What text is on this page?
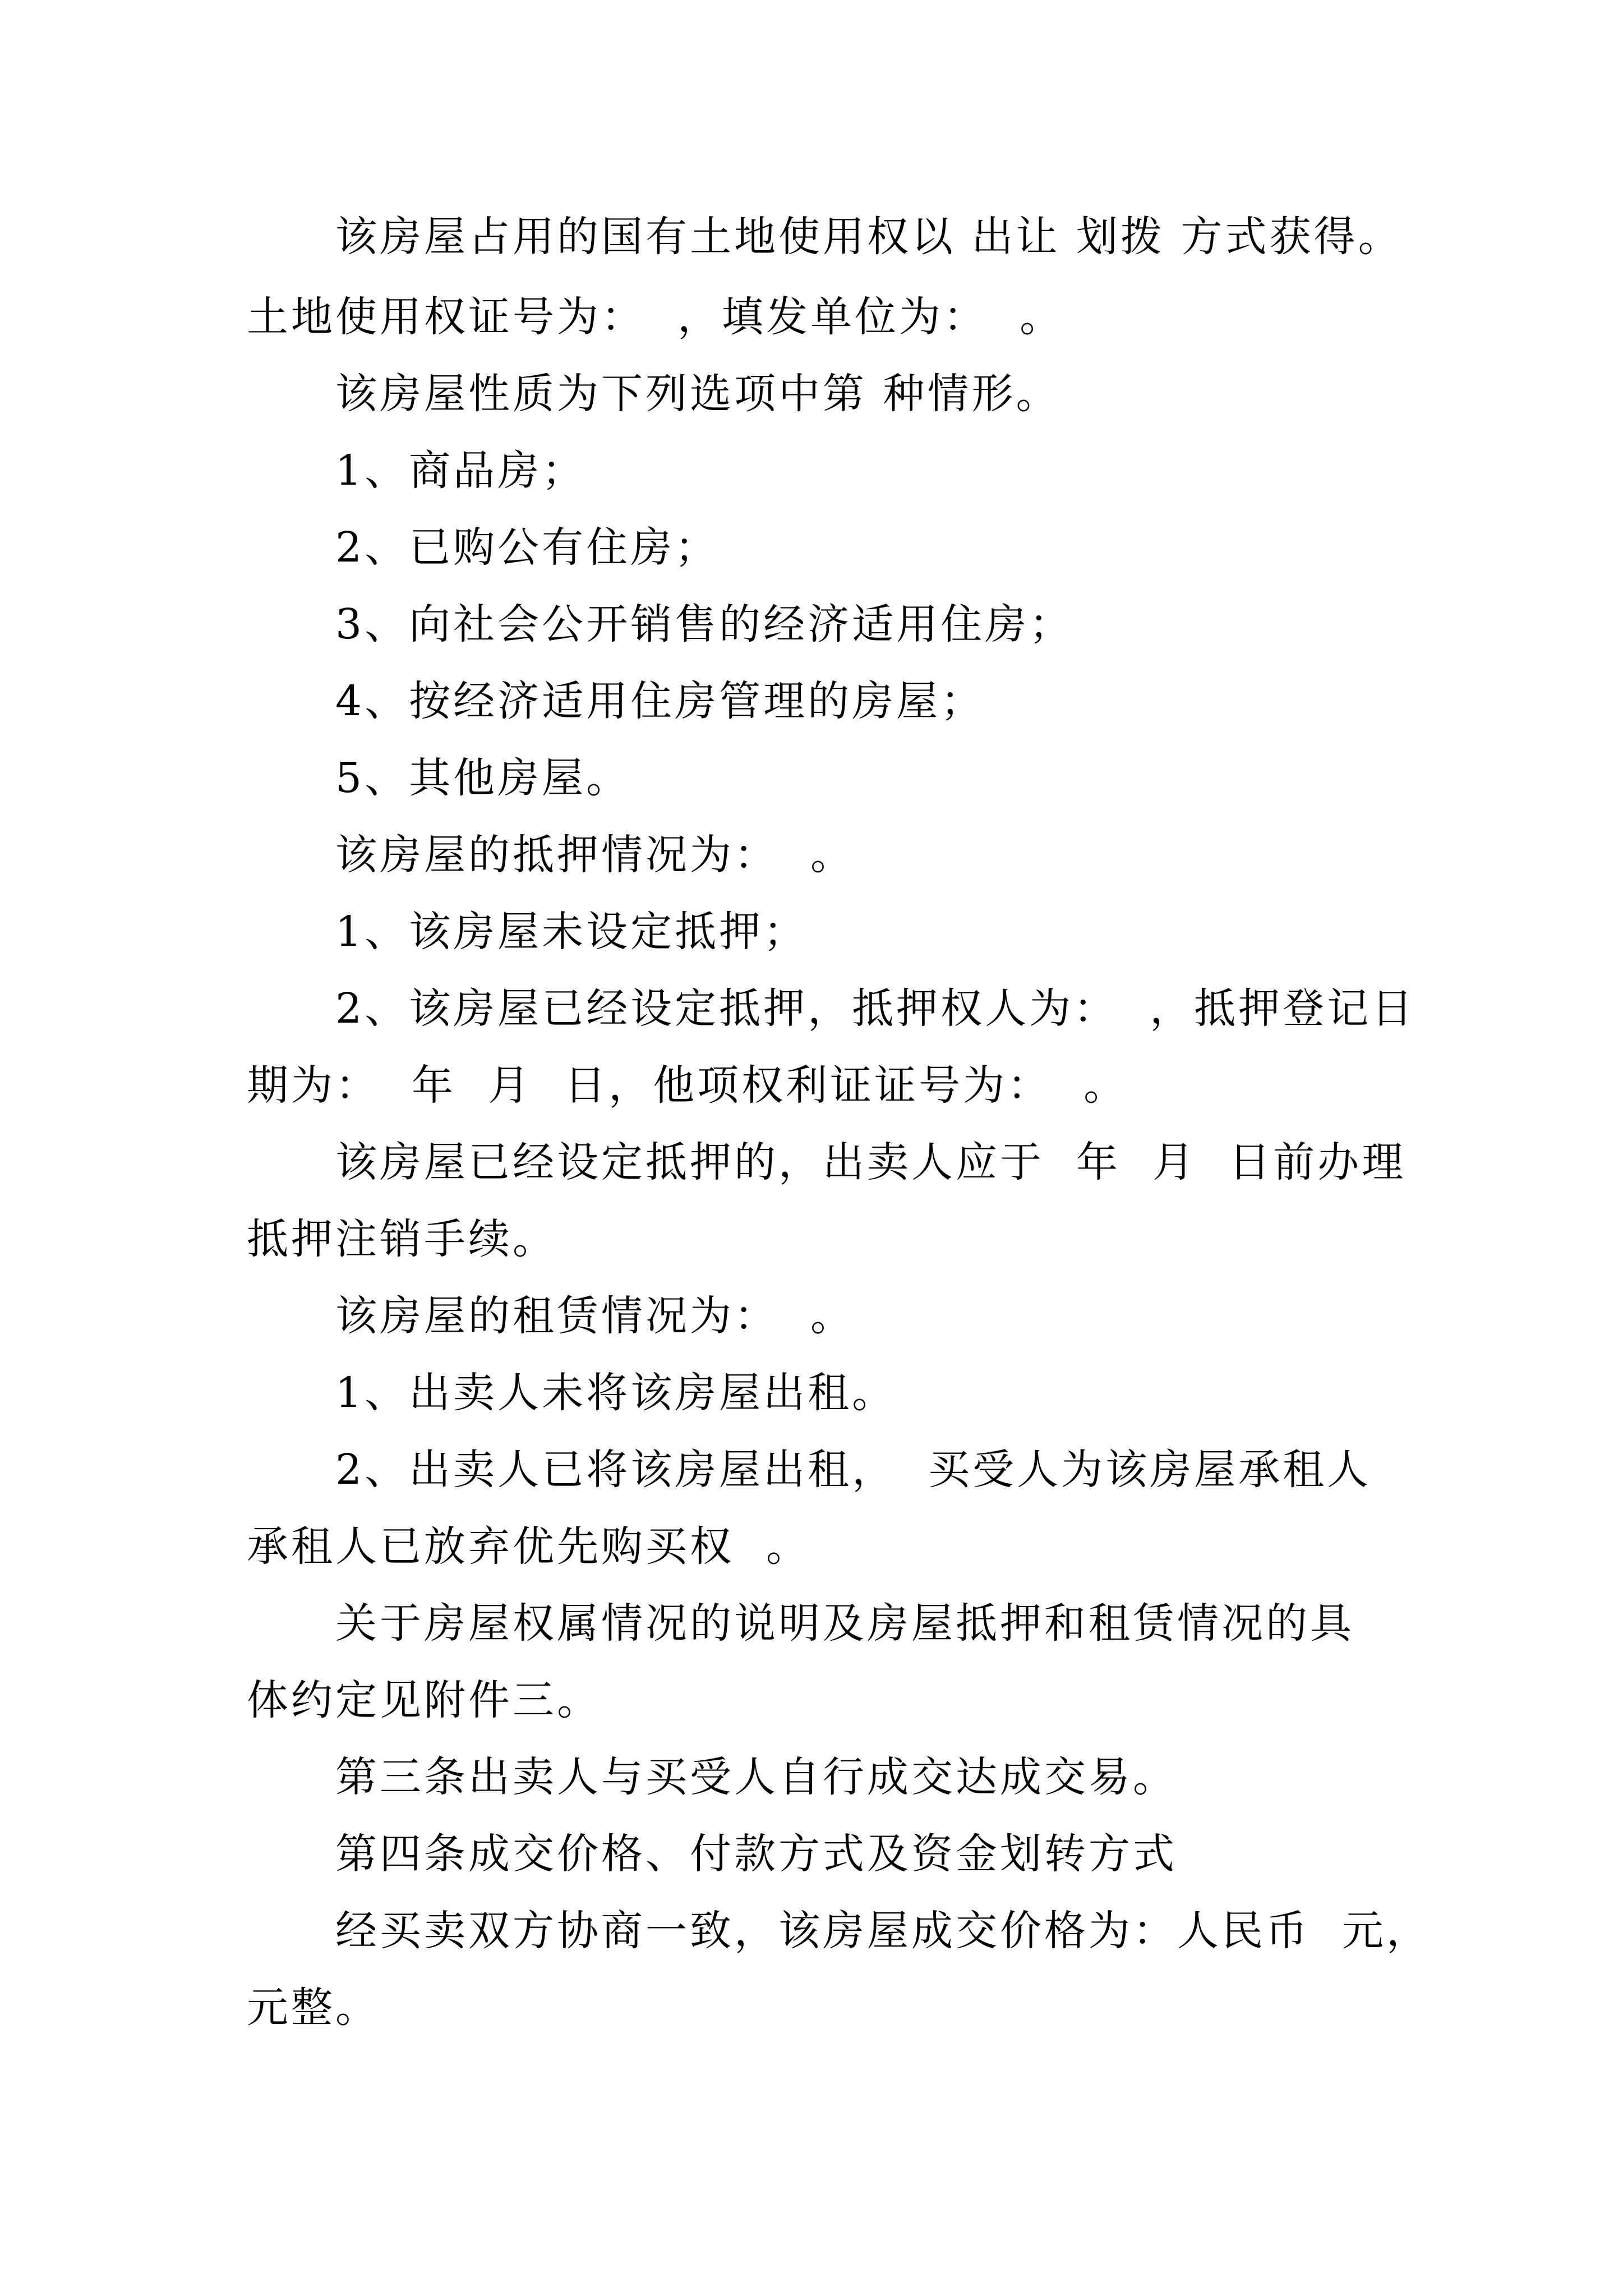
该房屋占用的国有土地使用权以 出让 划拨 方式获得。
土地使用权证号为：  ，填发单位为：  。
该房屋性质为下列选项中第 种情形。
1、商品房；
2、已购公有住房；
3、向社会公开销售的经济适用住房；
4、按经济适用住房管理的房屋；
5、其他房屋。
该房屋的抵押情况为：  。
1、该房屋未设定抵押；
2、该房屋已经设定抵押，抵押权人为：  ，抵押登记日
期为：  年  月  日，他项权利证证号为：  。
该房屋已经设定抵押的，出卖人应于  年  月  日前办理
抵押注销手续。
该房屋的租赁情况为：  。
1、出卖人未将该房屋出租。
2、出卖人已将该房屋出租，  买受人为该房屋承租人
承租人已放弃优先购买权  。
关于房屋权属情况的说明及房屋抵押和租赁情况的具
体约定见附件三。
第三条出卖人与买受人自行成交达成交易。
第四条成交价格、付款方式及资金划转方式
经买卖双方协商一致，该房屋成交价格为：人民币  元，
元整。
